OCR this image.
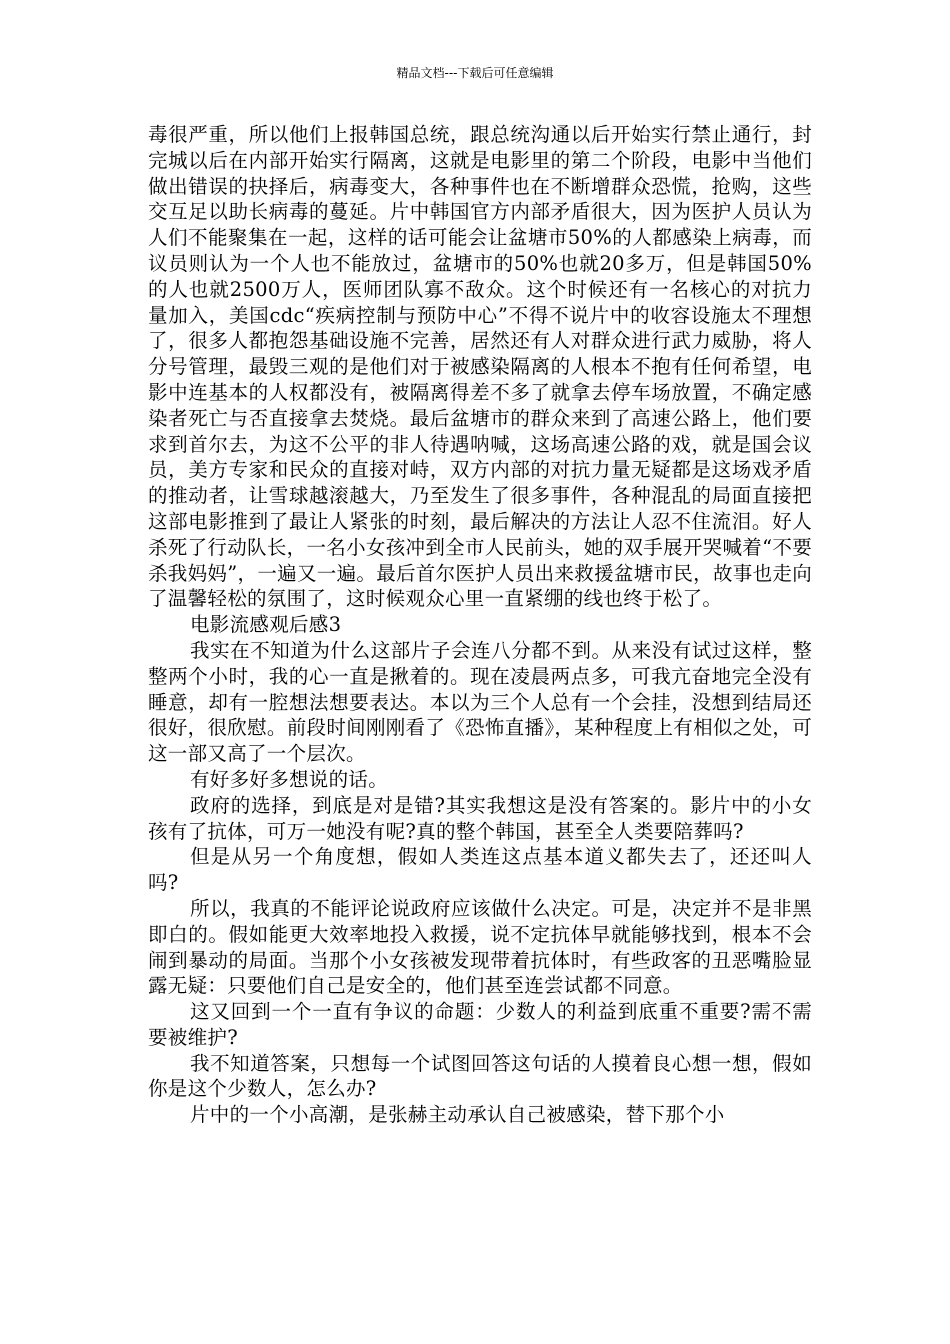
精品文档---下载后可任意编辑

毒很严重，所以他们上报韩国总统，跟总统沟通以后开始实行禁止通行，封完城以后在内部开始实行隔离，这就是电影里的第二个阶段，电影中当他们做出错误的抉择后，病毒变大，各种事件也在不断增群众恐慌，抢购，这些交互足以助长病毒的蔓延。片中韩国官方内部矛盾很大，因为医护人员认为人们不能聚集在一起，这样的话可能会让盆塘市50%的人都感染上病毒，而议员则认为一个人也不能放过，盆塘市的50%也就20多万，但是韩国50%的人也就2500万人，医师团队寡不敌众。这个时候还有一名核心的对抗力量加入，美国cdc“疾病控制与预防中心”不得不说片中的收容设施太不理想了，很多人都抱怨基础设施不完善，居然还有人对群众进行武力威胁，将人分号管理，最毁三观的是他们对于被感染隔离的人根本不抱有任何希望，电影中连基本的人权都没有，被隔离得差不多了就拿去停车场放置，不确定感染者死亡与否直接拿去焚烧。最后盆塘市的群众来到了高速公路上，他们要求到首尔去，为这不公平的非人待遇呐喊，这场高速公路的戏，就是国会议员，美方专家和民众的直接对峙，双方内部的对抗力量无疑都是这场戏矛盾的推动者，让雪球越滚越大，乃至发生了很多事件，各种混乱的局面直接把这部电影推到了最让人紧张的时刻，最后解决的方法让人忍不住流泪。好人杀死了行动队长，一名小女孩冲到全市人民前头，她的双手展开哭喊着“不要杀我妈妈”，一遍又一遍。最后首尔医护人员出来救援盆塘市民，故事也走向了温馨轻松的氛围了，这时候观众心里一直紧绷的线也终于松了。

电影流感观后感3

我实在不知道为什么这部片子会连八分都不到。从来没有试过这样，整整两个小时，我的心一直是揪着的。现在凌晨两点多，可我亢奋地完全没有睡意，却有一腔想法想要表达。本以为三个人总有一个会挂，没想到结局还很好，很欣慰。前段时间刚刚看了《恐怖直播》，某种程度上有相似之处，可这一部又高了一个层次。

有好多好多想说的话。

政府的选择，到底是对是错?其实我想这是没有答案的。影片中的小女孩有了抗体，可万一她没有呢?真的整个韩国，甚至全人类要陪葬吗?

但是从另一个角度想，假如人类连这点基本道义都失去了，还还叫人吗?

所以，我真的不能评论说政府应该做什么决定。可是，决定并不是非黑即白的。假如能更大效率地投入救援，说不定抗体早就能够找到，根本不会闹到暴动的局面。当那个小女孩被发现带着抗体时，有些政客的丑恶嘴脸显露无疑：只要他们自己是安全的，他们甚至连尝试都不同意。

这又回到一个一直有争议的命题：少数人的利益到底重不重要?需不需要被维护?

我不知道答案，只想每一个试图回答这句话的人摸着良心想一想，假如你是这个少数人，怎么办?

片中的一个小高潮，是张赫主动承认自己被感染，替下那个小
